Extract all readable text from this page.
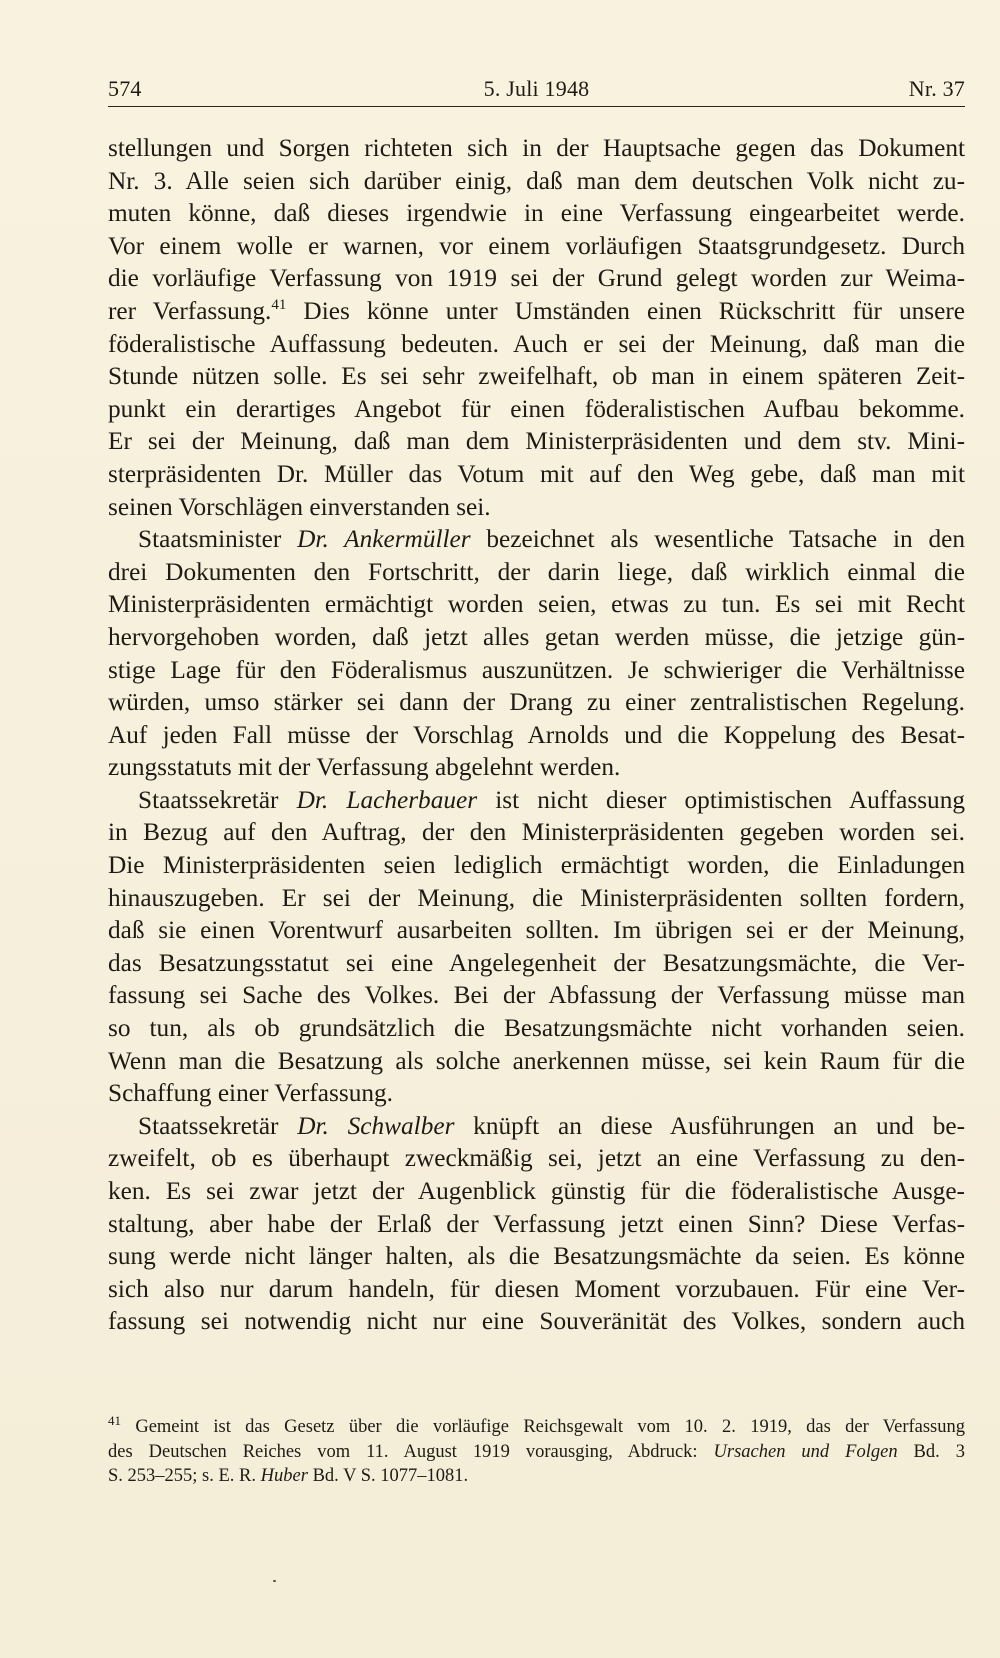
574	5. Juli 1948	Nr. 37
stellungen und Sorgen richteten sich in der Hauptsache gegen das Dokument
Nr. 3. Alle seien sich darüber einig, daß man dem deutschen Volk nicht zu-
muten könne, daß dieses irgendwie in eine Verfassung eingearbeitet werde.
Vor einem wolle er warnen, vor einem vorläufigen Staatsgrundgesetz. Durch
die vorläufige Verfassung von 1919 sei der Grund gelegt worden zur Weima-
rer Verfassung.$^{41}$ Dies könne unter Umständen einen Rückschritt für unsere
föderalistische Auffassung bedeuten. Auch er sei der Meinung, daß man die
Stunde nützen solle. Es sei sehr zweifelhaft, ob man in einem späteren Zeit-
punkt ein derartiges Angebot für einen föderalistischen Aufbau bekomme.
Er sei der Meinung, daß man dem Ministerpräsidenten und dem stv. Mini-
sterpräsidenten Dr. Müller das Votum mit auf den Weg gebe, daß man mit
seinen Vorschlägen einverstanden sei.
Staatsminister Dr. Ankermüller bezeichnet als wesentliche Tatsache in den
drei Dokumenten den Fortschritt, der darin liege, daß wirklich einmal die
Ministerpräsidenten ermächtigt worden seien, etwas zu tun. Es sei mit Recht
hervorgehoben worden, daß jetzt alles getan werden müsse, die jetzige gün-
stige Lage für den Föderalismus auszunützen. Je schwieriger die Verhältnisse
würden, umso stärker sei dann der Drang zu einer zentralistischen Regelung.
Auf jeden Fall müsse der Vorschlag Arnolds und die Koppelung des Besat-
zungsstatuts mit der Verfassung abgelehnt werden.
Staatssekretär Dr. Lacherbauer ist nicht dieser optimistischen Auffassung
in Bezug auf den Auftrag, der den Ministerpräsidenten gegeben worden sei.
Die Ministerpräsidenten seien lediglich ermächtigt worden, die Einladungen
hinauszugeben. Er sei der Meinung, die Ministerpräsidenten sollten fordern,
daß sie einen Vorentwurf ausarbeiten sollten. Im übrigen sei er der Meinung,
das Besatzungsstatut sei eine Angelegenheit der Besatzungsmächte, die Ver-
fassung sei Sache des Volkes. Bei der Abfassung der Verfassung müsse man
so tun, als ob grundsätzlich die Besatzungsmächte nicht vorhanden seien.
Wenn man die Besatzung als solche anerkennen müsse, sei kein Raum für die
Schaffung einer Verfassung.
Staatssekretär Dr. Schwalber knüpft an diese Ausführungen an und be-
zweifelt, ob es überhaupt zweckmäßig sei, jetzt an eine Verfassung zu den-
ken. Es sei zwar jetzt der Augenblick günstig für die föderalistische Ausge-
staltung, aber habe der Erlaß der Verfassung jetzt einen Sinn? Diese Verfas-
sung werde nicht länger halten, als die Besatzungsmächte da seien. Es könne
sich also nur darum handeln, für diesen Moment vorzubauen. Für eine Ver-
fassung sei notwendig nicht nur eine Souveränität des Volkes, sondern auch
$^{41}$ Gemeint ist das Gesetz über die vorläufige Reichsgewalt vom 10. 2. 1919, das der Verfassung
des Deutschen Reiches vom 11. August 1919 vorausging, Abdruck: Ursachen und Folgen Bd. 3
S. 253–255; s. E. R. Huber Bd. V S. 1077–1081.
